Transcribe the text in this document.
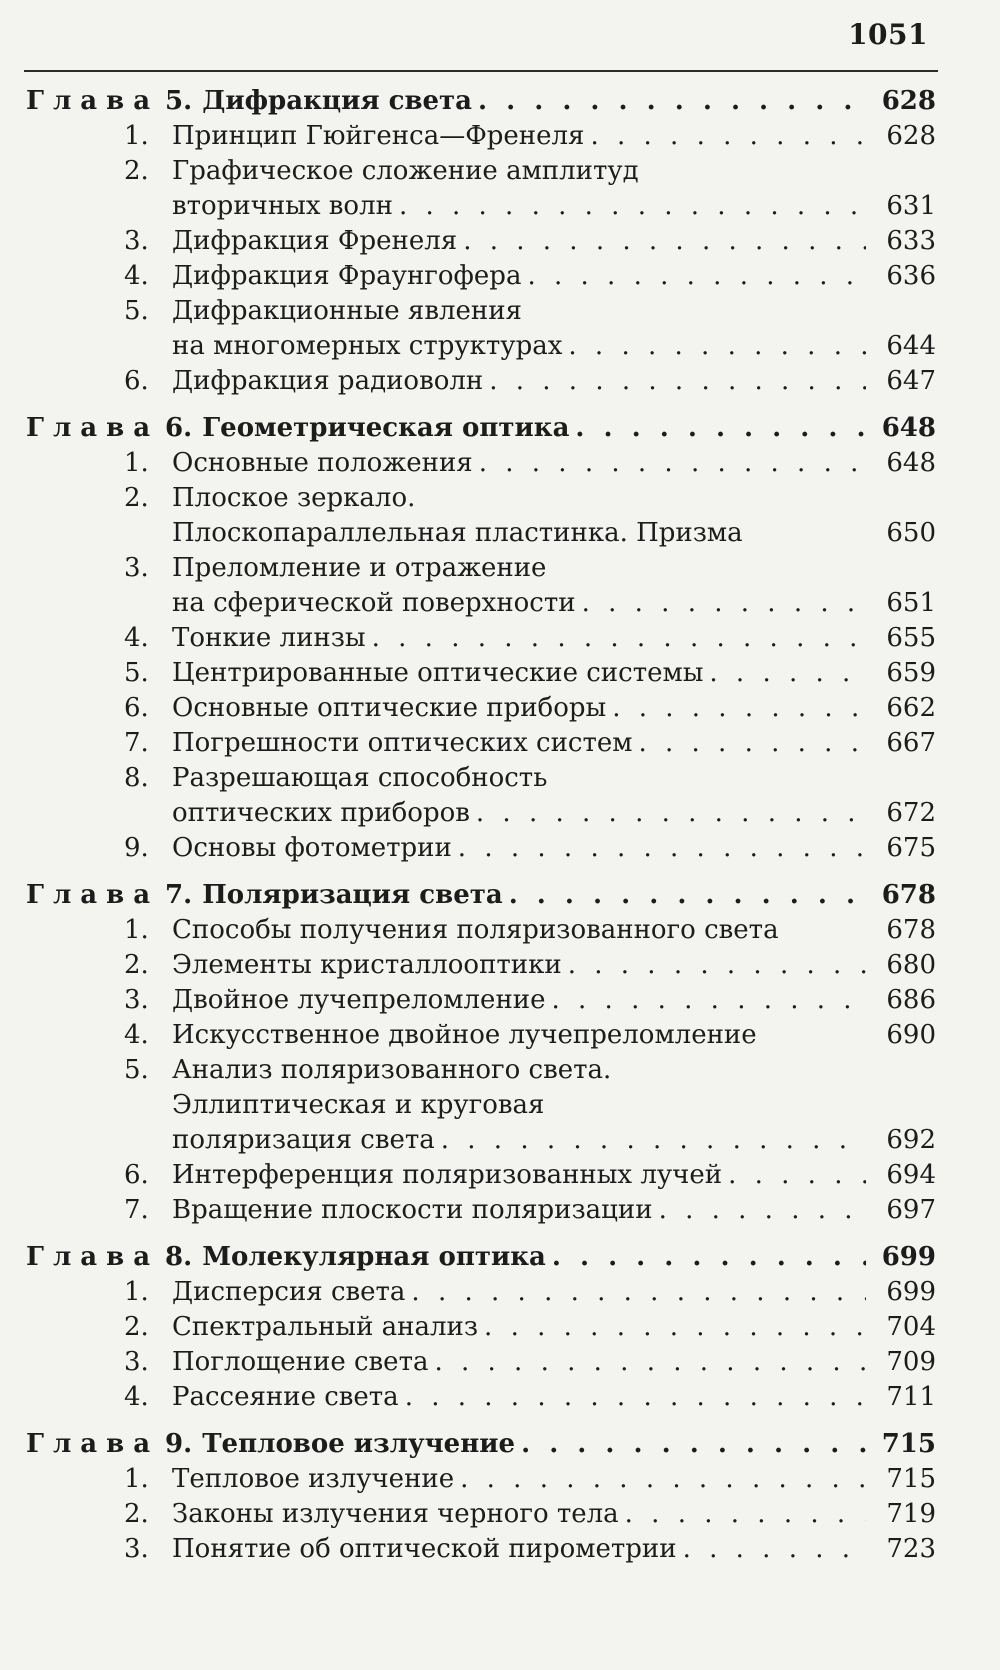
1051
Глава 5. Дифракция света . . .	628
1. Принцип Гюйгенса—Френеля . . .	628
2. Графическое сложение амплитуд
вторичных волн . . .	631
3. Дифракция Френеля . . .	633
4. Дифракция Фраунгофера . . .	636
5. Дифракционные явления
на многомерных структурах . . .	644
6. Дифракция радиоволн . . .	647
Глава 6. Геометрическая оптика . . .	648
1. Основные положения . . .	648
2. Плоское зеркало.
Плоскопараллельная пластинка. Призма	650
3. Преломление и отражение
на сферической поверхности . . .	651
4. Тонкие линзы . . .	655
5. Центрированные оптические системы . . .	659
6. Основные оптические приборы . . .	662
7. Погрешности оптических систем . . .	667
8. Разрешающая способность
оптических приборов . . .	672
9. Основы фотометрии . . .	675
Глава 7. Поляризация света . . .	678
1. Способы получения поляризованного света	678
2. Элементы кристаллооптики . . .	680
3. Двойное лучепреломление . . .	686
4. Искусственное двойное лучепреломление	690
5. Анализ поляризованного света.
Эллиптическая и круговая
поляризация света . . .	692
6. Интерференция поляризованных лучей . . .	694
7. Вращение плоскости поляризации . . .	697
Глава 8. Молекулярная оптика . . .	699
1. Дисперсия света . . .	699
2. Спектральный анализ . . .	704
3. Поглощение света . . .	709
4. Рассеяние света . . .	711
Глава 9. Тепловое излучение . . .	715
1. Тепловое излучение . . .	715
2. Законы излучения черного тела . . .	719
3. Понятие об оптической пирометрии . . .	723
